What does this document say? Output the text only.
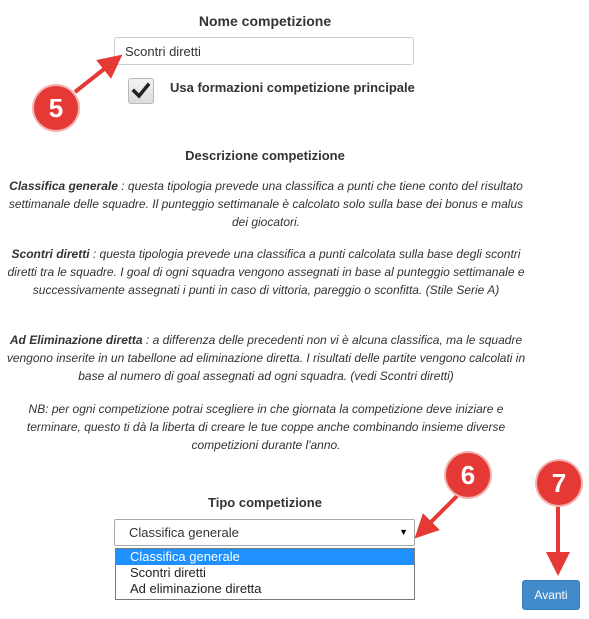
Nome competizione
Scontri diretti
Usa formazioni competizione principale
Descrizione competizione
Classifica generale : questa tipologia prevede una classifica a punti che tiene conto del risultato settimanale delle squadre. Il punteggio settimanale è calcolato solo sulla base dei bonus e malus dei giocatori.
Scontri diretti : questa tipologia prevede una classifica a punti calcolata sulla base degli scontri diretti tra le squadre. I goal di ogni squadra vengono assegnati in base al punteggio settimanale e successivamente assegnati i punti in caso di vittoria, pareggio o sconfitta. (Stile Serie A)
Ad Eliminazione diretta : a differenza delle precedenti non vi è alcuna classifica, ma le squadre vengono inserite in un tabellone ad eliminazione diretta. I risultati delle partite vengono calcolati in base al numero di goal assegnati ad ogni squadra. (vedi Scontri diretti)
NB: per ogni competizione potrai scegliere in che giornata la competizione deve iniziare e terminare, questo ti dà la liberta di creare le tue coppe anche combinando insieme diverse competizioni durante l'anno.
Tipo competizione
Classifica generale	▼
Classifica generale
Scontri diretti
Ad eliminazione diretta	Avanti
5
6	7
